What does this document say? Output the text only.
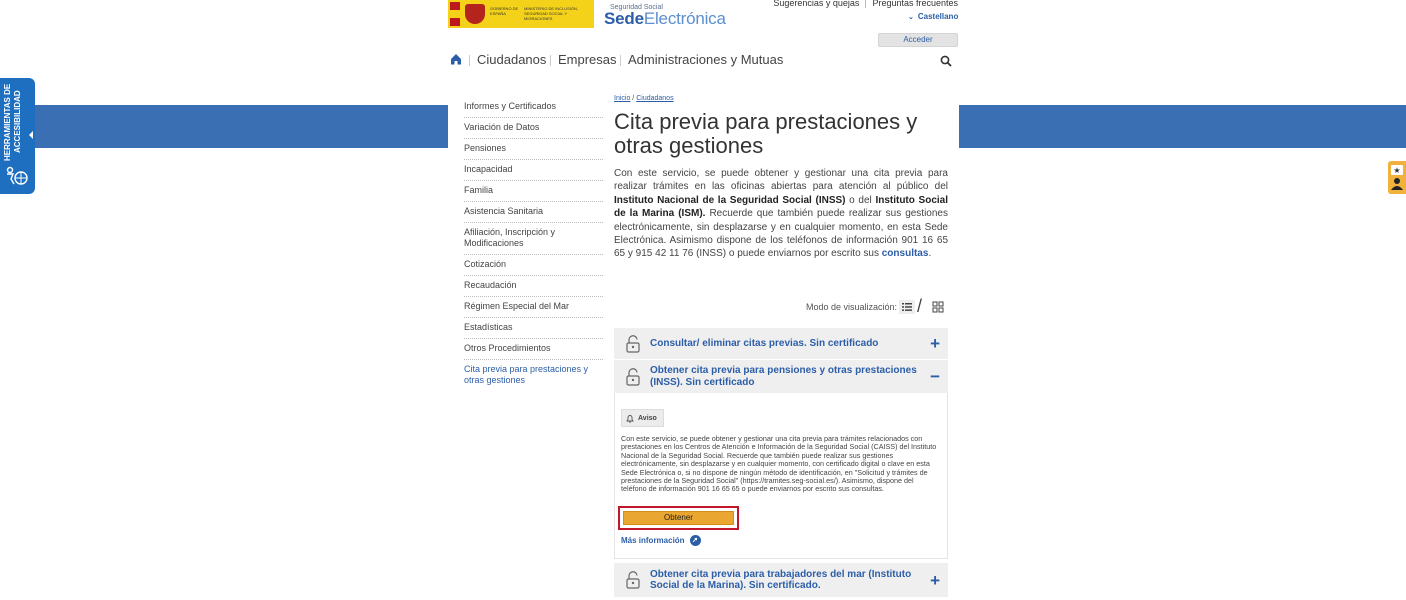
HERRAMIENTAS DE ACCESIBILIDAD
★
GOBIERNO DE ESPAÑA
MINISTERIO DE INCLUSIÓN, SEGURIDAD SOCIAL Y MIGRACIONES
Seguridad Social
SedeElectrónica
Sugerencias y quejas Preguntas frecuentes
⌄ Castellano
Acceder
Ciudadanos Empresas Administraciones y Mutuas
Informes y Certificados
Variación de Datos
Pensiones
Incapacidad
Familia
Asistencia Sanitaria
Afiliación, Inscripción y Modificaciones
Cotización
Recaudación
Régimen Especial del Mar
Estadísticas
Otros Procedimientos
Cita previa para prestaciones y otras gestiones
Inicio / Ciudadanos
Cita previa para prestaciones y otras gestiones

Con este servicio, se puede obtener y gestionar una cita previa para realizar trámites en las oficinas abiertas para atención al público del Instituto Nacional de la Seguridad Social (INSS) o del Instituto Social de la Marina (ISM). Recuerde que también puede realizar sus gestiones electrónicamente, sin desplazarse y en cualquier momento, en esta Sede Electrónica. Asimismo dispone de los teléfonos de información 901 16 65 65 y 915 42 11 76 (INSS) o puede enviarnos por escrito sus consultas.

Modo de visualización: /
Consultar/ eliminar citas previas. Sin certificado	+
Obtener cita previa para pensiones y otras prestaciones (INSS). Sin certificado	−
Aviso
Con este servicio, se puede obtener y gestionar una cita previa para trámites relacionados con prestaciones en los Centros de Atención e Información de la Seguridad Social (CAISS) del Instituto Nacional de la Seguridad Social. Recuerde que también puede realizar sus gestiones electrónicamente, sin desplazarse y en cualquier momento, con certificado digital o clave en esta Sede Electrónica o, si no dispone de ningún método de identificación, en "Solicitud y trámites de prestaciones de la Seguridad Social" (https://tramites.seg-social.es/). Asimismo, dispone del teléfono de información 901 16 65 65 o puede enviarnos por escrito sus consultas.
Obtener
Más información	➚
Obtener cita previa para trabajadores del mar (Instituto Social de la Marina). Sin certificado.	+
